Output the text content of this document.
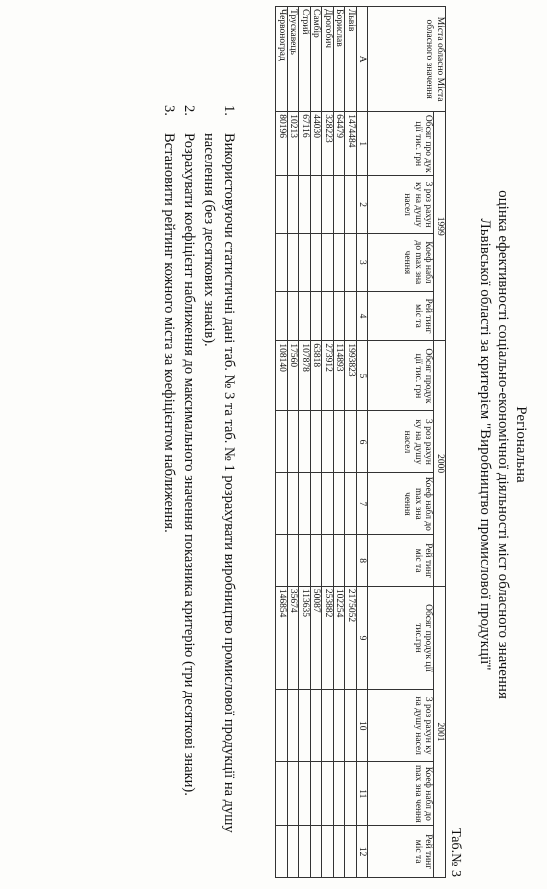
Регіональна
оцінка ефективності соціально-економічної діяльності міст обласного значення
Львівської області за критерієм "Виробництво промислової продукції"
Таб.№ 3
Міста обласно Міста обласного значення	1999				2000				2001			
	Обсяг про дук ції тис. грн	3 роз рахун ку на душу насел	Коеф набл до max зна чення	Рей тинг міс та	Обсяг продук ції тис. грн	3 роз рахун ку на душу насел	Коеф набл до max зна чення	Рей тинг міс та	Обсяг продук ції тис.грн	3 роз рахун ку на душу насел	Коеф набл до max зна чення	Рей тинг міс та
А	1	2	3	4	5	6	7	8	9	10	11	12
Львів	1474484				1993823				2175052			
Борислав	64479				114893				102254			
Дрогобич	328223				273912				253882			
Самбір	44030				63818				50087			
Стрий	67116				107878				113635			
Трускавець	10213				17560				35674			
Червоноград	80196				108140				146854			
1.
Використовуючи статистичні дані таб. № 3 та таб. № 1 розрахувати виробництво промислової продукції на душу населення (без десяткових знаків).
2.
Розрахувати коефіцієнт наближення до максимального значення показника критерію (три десяткові знаки).
3.
Встановити рейтинг кожного міста за коефіцієнтом наближення.
